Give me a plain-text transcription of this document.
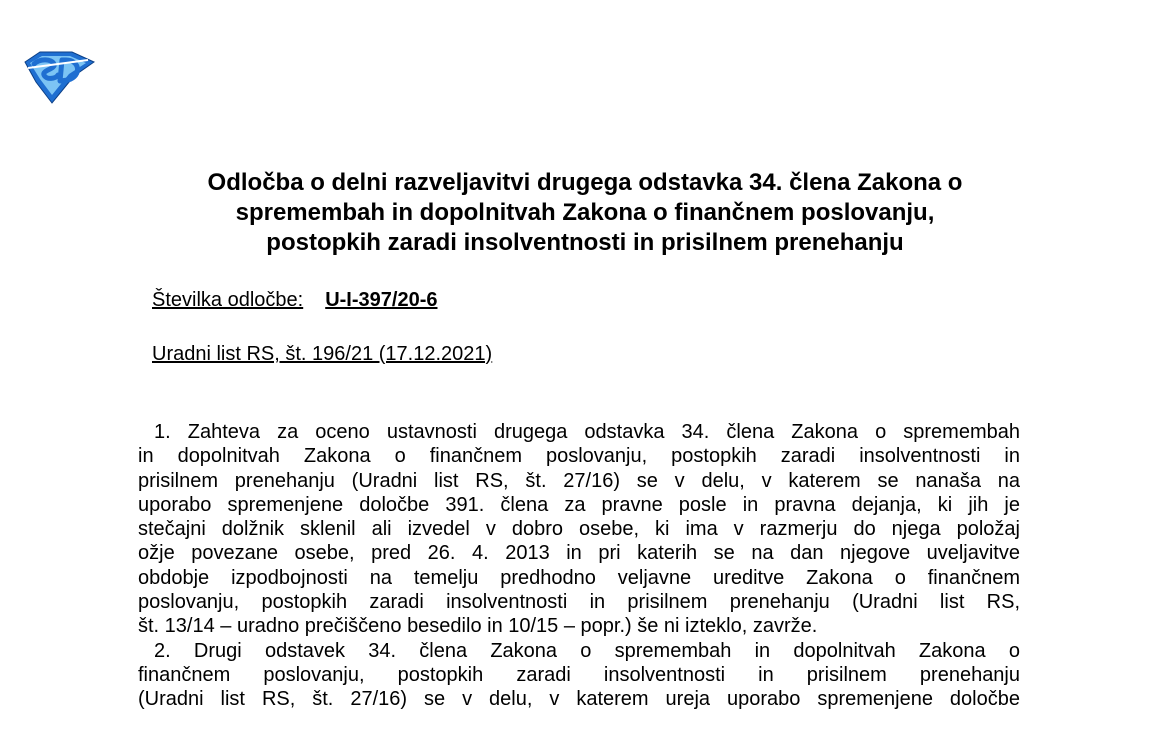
Odločba o delni razveljavitvi drugega odstavka 34. člena Zakona o
spremembah in dopolnitvah Zakona o finančnem poslovanju,
postopkih zaradi insolventnosti in prisilnem prenehanju
Številka odločbe: U-I-397/20-6
Uradni list RS, št. 196/21 (17.12.2021)
1. Zahteva za oceno ustavnosti drugega odstavka 34. člena Zakona o spremembah
in dopolnitvah Zakona o finančnem poslovanju, postopkih zaradi insolventnosti in
prisilnem prenehanju (Uradni list RS, št. 27/16) se v delu, v katerem se nanaša na
uporabo spremenjene določbe 391. člena za pravne posle in pravna dejanja, ki jih je
stečajni dolžnik sklenil ali izvedel v dobro osebe, ki ima v razmerju do njega položaj
ožje povezane osebe, pred 26. 4. 2013 in pri katerih se na dan njegove uveljavitve
obdobje izpodbojnosti na temelju predhodno veljavne ureditve Zakona o finančnem
poslovanju, postopkih zaradi insolventnosti in prisilnem prenehanju (Uradni list RS,
št. 13/14 – uradno prečiščeno besedilo in 10/15 – popr.) še ni izteklo, zavrže.
2. Drugi odstavek 34. člena Zakona o spremembah in dopolnitvah Zakona o
finančnem poslovanju, postopkih zaradi insolventnosti in prisilnem prenehanju
(Uradni list RS, št. 27/16) se v delu, v katerem ureja uporabo spremenjene določbe
